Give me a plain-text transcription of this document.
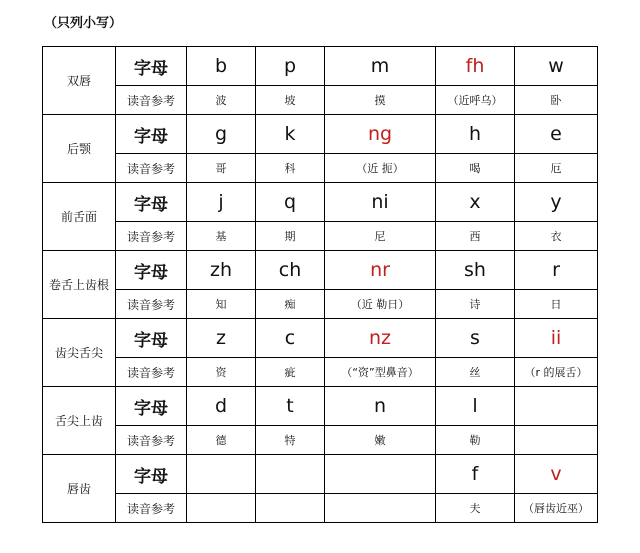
（只列小写）
双唇	字母	b	p	m	fh	w
	读音参考	波	坡	摸	（近呼乌）	卧
后颚	字母	g	k	ng	h	e
	读音参考	哥	科	（近 扼）	喝	厄
前舌面	字母	j	q	ni	x	y
	读音参考	基	期	尼	西	衣
卷舌上齿根	字母	zh	ch	nr	sh	r
	读音参考	知	痴	（近 勒日）	诗	日
齿尖舌尖	字母	z	c	nz	s	ii
	读音参考	资	疵	（“资”型鼻音）	丝	（r 的展舌）
舌尖上齿	字母	d	t	n	l	
	读音参考	德	特	嫩	勒	
唇齿	字母				f	v
	读音参考				夫	（唇齿近巫）
